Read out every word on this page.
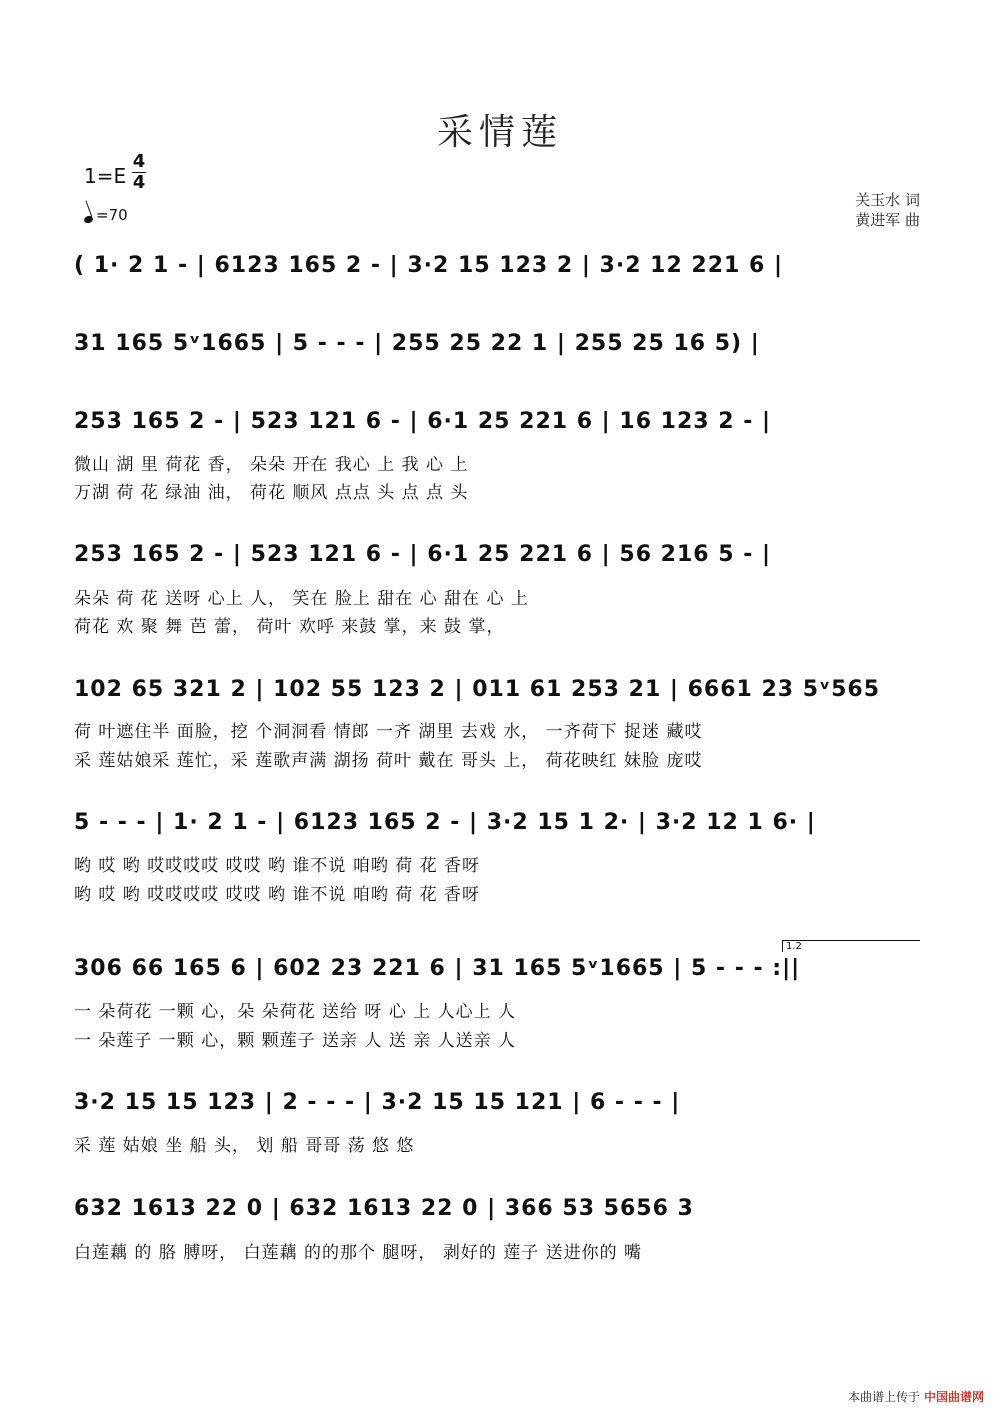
采情莲
1=E
4
4
=70
关玉水 词
黄进军 曲
( 1· 2 1 - | 6123 165 2 - | 3·2 15 123 2 | 3·2 12 221 6 |
31 165 5ᵛ1665 | 5 - - - | 255 25 22 1 | 255 25 16 5) |
253 165 2 - | 523 121 6 - | 6·1 25 221 6 | 16 123 2 - |
微山 湖 里 荷花 香， 朵朵 开在 我心 上 我 心 上
万湖 荷 花 绿油 油， 荷花 顺风 点点 头 点 点 头
253 165 2 - | 523 121 6 - | 6·1 25 221 6 | 56 216 5 - |
朵朵 荷 花 送呀 心上 人， 笑在 脸上 甜在 心 甜在 心 上
荷花 欢 聚 舞 芭 蕾， 荷叶 欢呼 来鼓 掌，来 鼓 掌，
102 65 321 2 | 102 55 123 2 | 011 61 253 21 | 6661 23 5ᵛ565
荷 叶遮住半 面脸，挖 个洞洞看 情郎 一齐 湖里 去戏 水， 一齐荷下 捉迷 藏哎
采 莲姑娘采 莲忙，采 莲歌声满 湖扬 荷叶 戴在 哥头 上， 荷花映红 妹脸 庞哎
5 - - - | 1· 2 1 - | 6123 165 2 - | 3·2 15 1 2· | 3·2 12 1 6· |
哟 哎 哟 哎哎哎哎 哎哎 哟 谁不说 咱哟 荷 花 香呀
哟 哎 哟 哎哎哎哎 哎哎 哟 谁不说 咱哟 荷 花 香呀
1.2
306 66 165 6 | 602 23 221 6 | 31 165 5ᵛ1665 | 5 - - - :||
一 朵荷花 一颗 心，朵 朵荷花 送给 呀 心 上 人心上 人
一 朵莲子 一颗 心，颗 颗莲子 送亲 人 送 亲 人送亲 人
3·2 15 15 123 | 2 - - - | 3·2 15 15 121 | 6 - - - |
采 莲 姑娘 坐 船 头， 划 船 哥哥 荡 悠 悠
632 1613 22 0 | 632 1613 22 0 | 366 53 5656 3
白莲藕 的 胳 膊呀， 白莲藕 的的那个 腿呀， 剥好的 莲子 送进你的 嘴
本曲谱上传于 中国曲谱网
